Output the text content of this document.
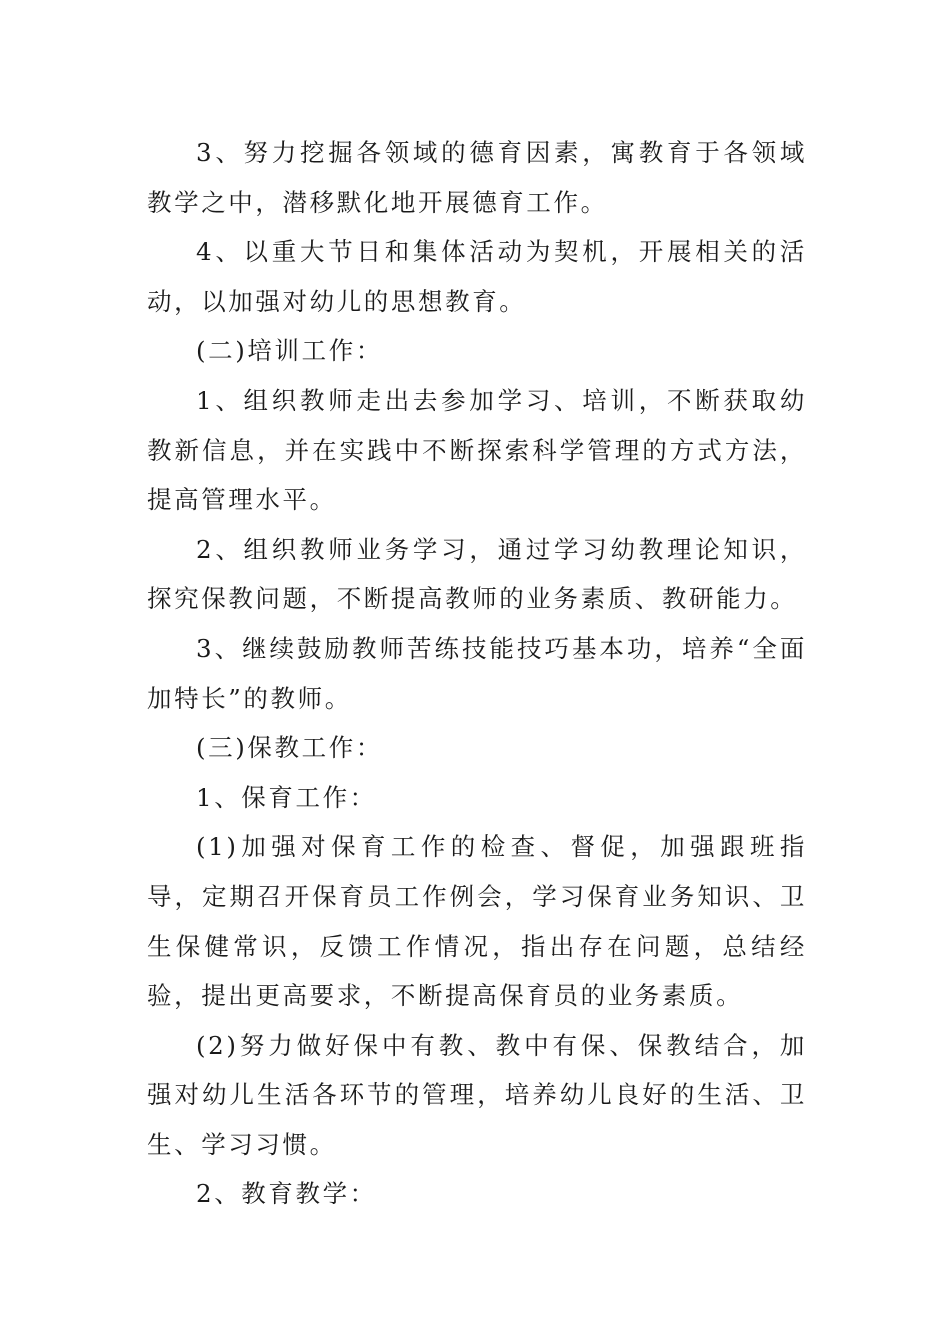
3、努力挖掘各领域的德育因素，寓教育于各领域教学之中，潜移默化地开展德育工作。

4、以重大节日和集体活动为契机，开展相关的活动，以加强对幼儿的思想教育。

(二)培训工作：

1、组织教师走出去参加学习、培训，不断获取幼教新信息，并在实践中不断探索科学管理的方式方法，提高管理水平。

2、组织教师业务学习，通过学习幼教理论知识，探究保教问题，不断提高教师的业务素质、教研能力。

3、继续鼓励教师苦练技能技巧基本功，培养“全面加特长”的教师。

(三)保教工作：

1、保育工作：

(1)加强对保育工作的检查、督促，加强跟班指导，定期召开保育员工作例会，学习保育业务知识、卫生保健常识，反馈工作情况，指出存在问题，总结经验，提出更高要求，不断提高保育员的业务素质。

(2)努力做好保中有教、教中有保、保教结合，加强对幼儿生活各环节的管理，培养幼儿良好的生活、卫生、学习习惯。

2、教育教学：
